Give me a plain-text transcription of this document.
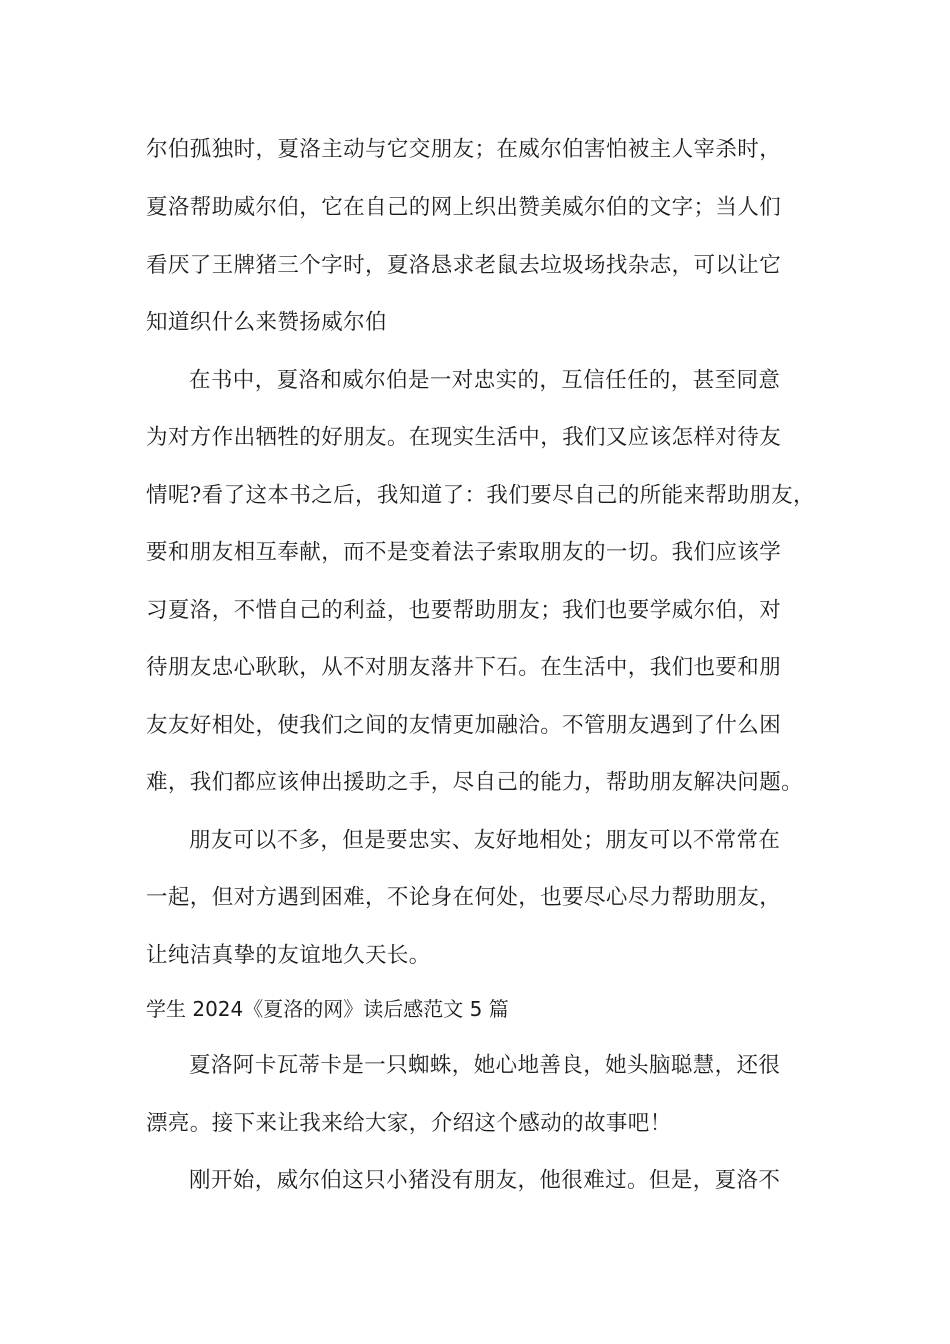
尔伯孤独时，夏洛主动与它交朋友；在威尔伯害怕被主人宰杀时，
夏洛帮助威尔伯，它在自己的网上织出赞美威尔伯的文字；当人们
看厌了王牌猪三个字时，夏洛恳求老鼠去垃圾场找杂志，可以让它
知道织什么来赞扬威尔伯
在书中，夏洛和威尔伯是一对忠实的，互信任任的，甚至同意
为对方作出牺牲的好朋友。在现实生活中，我们又应该怎样对待友
情呢?看了这本书之后，我知道了：我们要尽自己的所能来帮助朋友，
要和朋友相互奉献，而不是变着法子索取朋友的一切。我们应该学
习夏洛，不惜自己的利益，也要帮助朋友；我们也要学威尔伯，对
待朋友忠心耿耿，从不对朋友落井下石。在生活中，我们也要和朋
友友好相处，使我们之间的友情更加融洽。不管朋友遇到了什么困
难，我们都应该伸出援助之手，尽自己的能力，帮助朋友解决问题。
朋友可以不多，但是要忠实、友好地相处；朋友可以不常常在
一起，但对方遇到困难，不论身在何处，也要尽心尽力帮助朋友，
让纯洁真挚的友谊地久天长。
学生 2024《夏洛的网》读后感范文 5 篇
夏洛阿卡瓦蒂卡是一只蜘蛛，她心地善良，她头脑聪慧，还很
漂亮。接下来让我来给大家，介绍这个感动的故事吧！
刚开始，威尔伯这只小猪没有朋友，他很难过。但是，夏洛不
